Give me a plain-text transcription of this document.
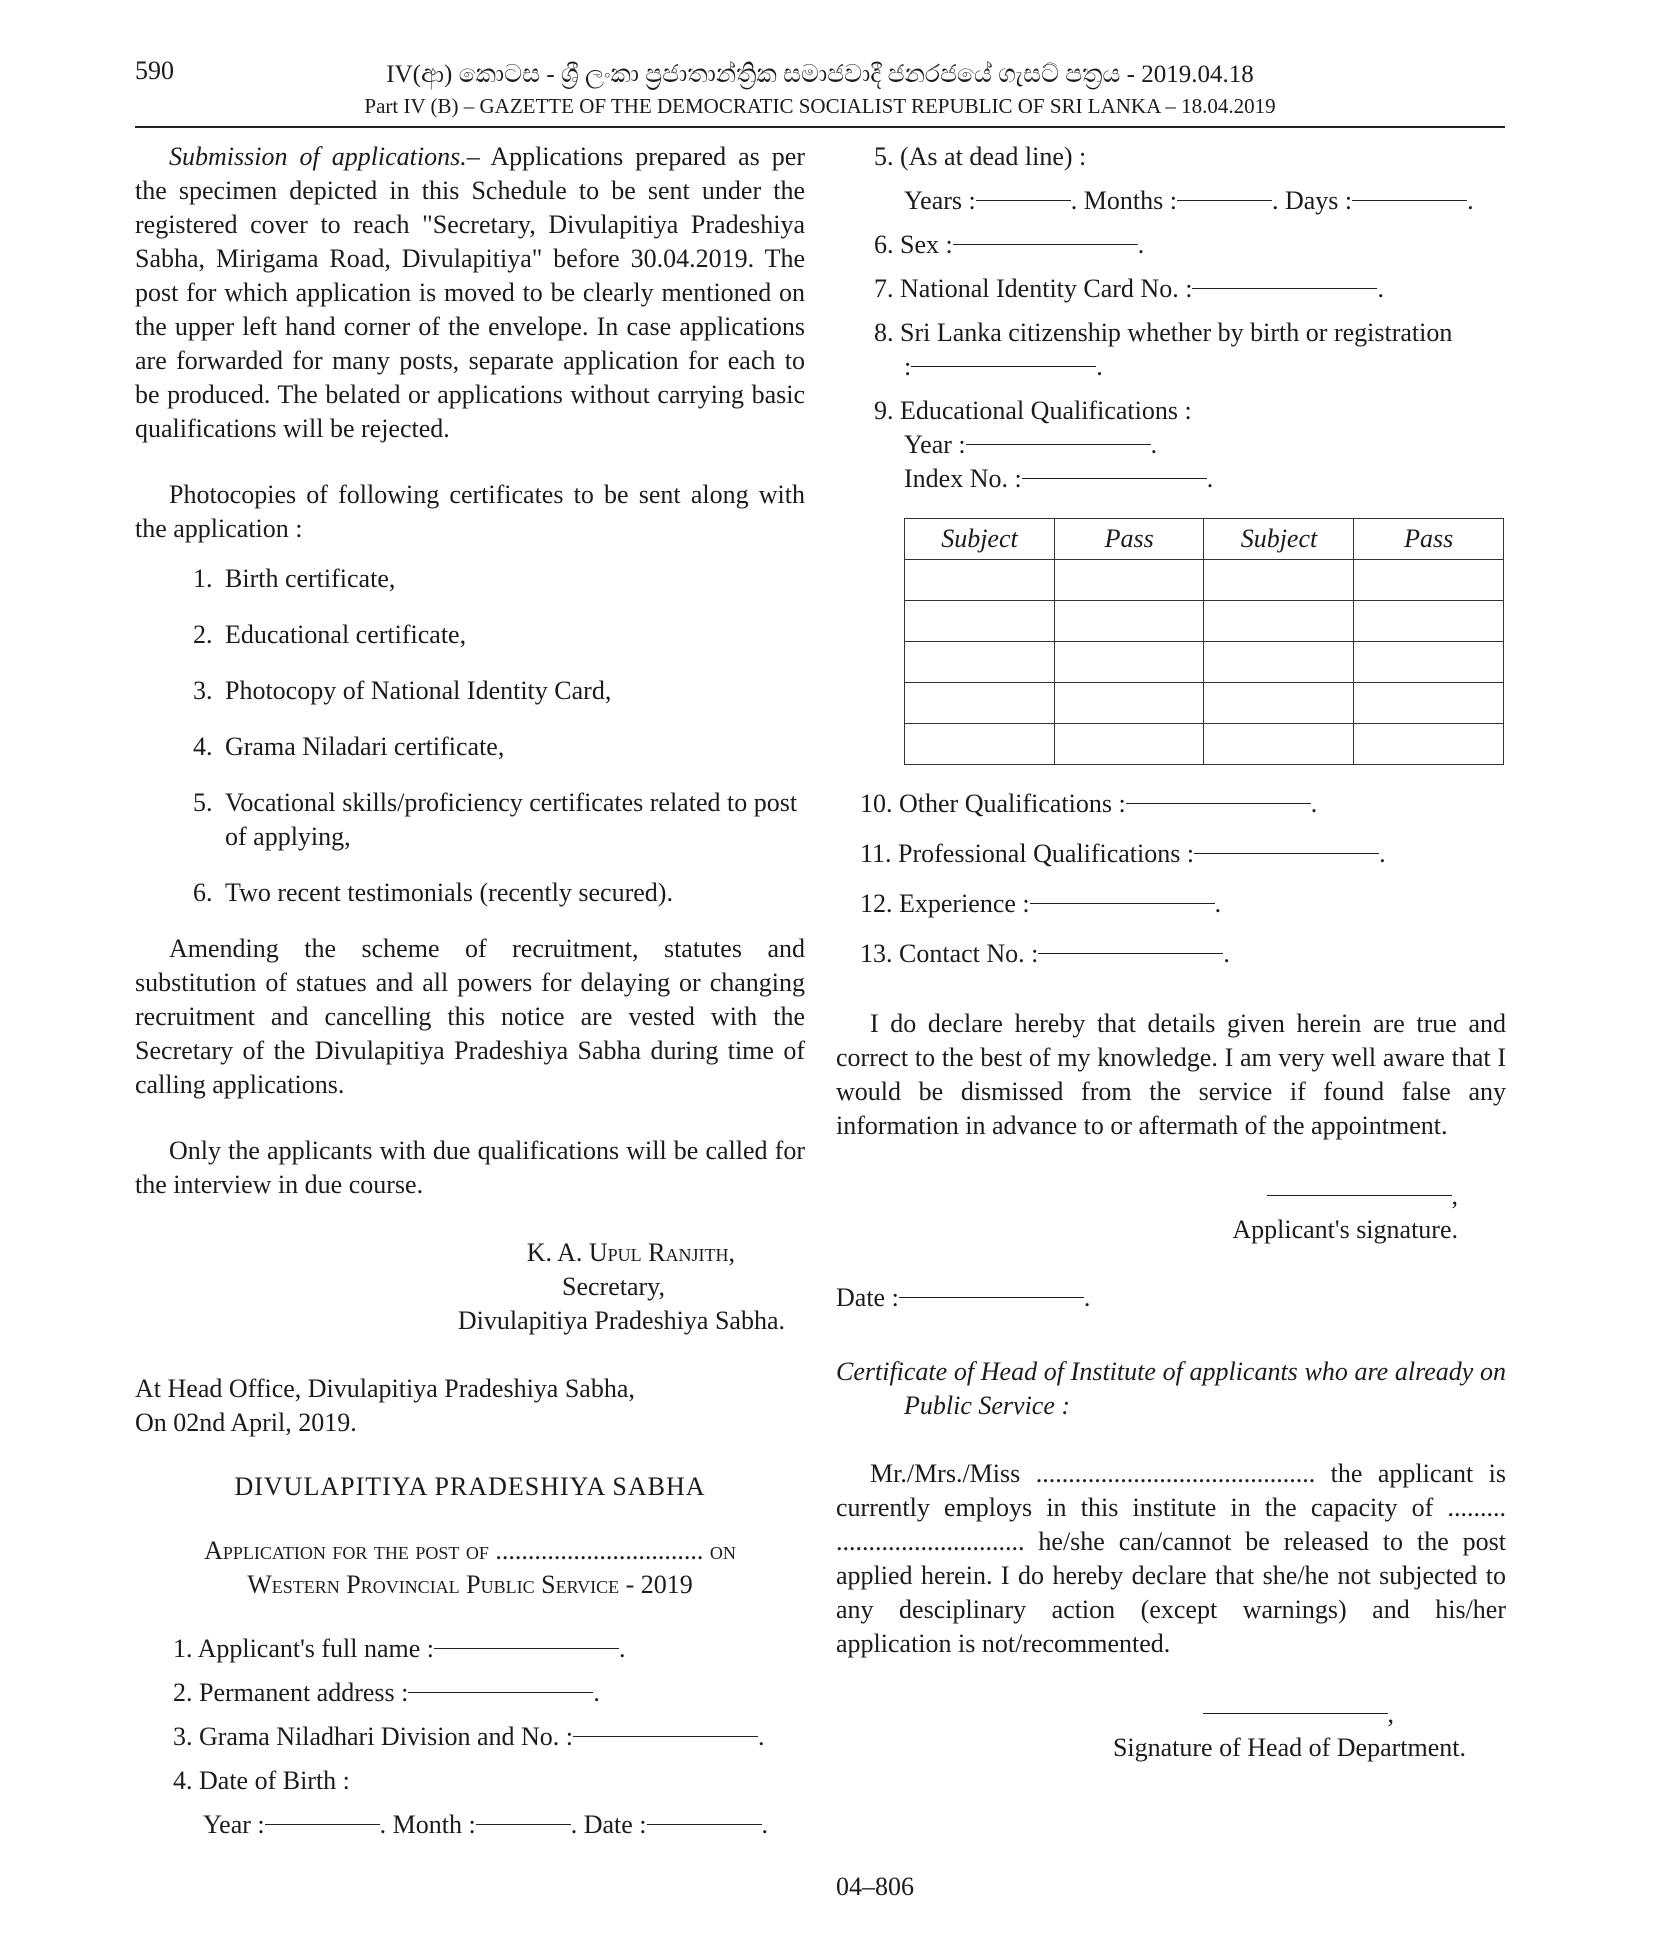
590	IV(ආ) කොටස - ශ්‍රී ලංකා ප්‍රජාතාන්ත්‍රික සමාජවාදී ජනරජයේ ගැසට් පත්‍රය - 2019.04.18
Part IV (B) – GAZETTE OF THE DEMOCRATIC SOCIALIST REPUBLIC OF SRI LANKA – 18.04.2019

Submission of applications.– Applications prepared as per the specimen depicted in this Schedule to be sent under the registered cover to reach "Secretary, Divulapitiya Pradeshiya Sabha, Mirigama Road, Divulapitiya" before 30.04.2019. The post for which application is moved to be clearly mentioned on the upper left hand corner of the envelope. In case applications are forwarded for many posts, separate application for each to be produced. The belated or applications without carrying basic qualifications will be rejected.

Photocopies of following certificates to be sent along with the application :

1. Birth certificate,
2. Educational certificate,
3. Photocopy of National Identity Card,
4. Grama Niladari certificate,
5. Vocational skills/proficiency certificates related to post of applying,
6. Two recent testimonials (recently secured).

Amending the scheme of recruitment, statutes and substitution of statues and all powers for delaying or changing recruitment and cancelling this notice are vested with the Secretary of the Divulapitiya Pradeshiya Sabha during time of calling applications.

Only the applicants with due qualifications will be called for the interview in due course.

K. A. Upul Ranjith,

Secretary,

Divulapitiya Pradeshiya Sabha.

At Head Office, Divulapitiya Pradeshiya Sabha,

On 02nd April, 2019.

DIVULAPITIYA PRADESHIYA SABHA

Application for the post of ................................ on

Western Provincial Public Service - 2019

1. Applicant's full name :	.

2. Permanent address :	.

3. Grama Niladhari Division and No. :	.

4. Date of Birth :

Year :	. Month :	. Date :	.

5. (As at dead line) :

Years :	. Months :	. Days :	.

6. Sex :	.

7. National Identity Card No. :	.

8. Sri Lanka citizenship whether by birth or registration

:	.

9. Educational Qualifications :

Year :	.

Index No. :	.

Subject	Pass	Subject	Pass

10. Other Qualifications :	.

11. Professional Qualifications :	.

12. Experience :	.

13. Contact No. :	.

I do declare hereby that details given herein are true and correct to the best of my knowledge. I am very well aware that I would be dismissed from the service if found false any information in advance to or aftermath of the appointment.

,

Applicant's signature.

Date :	.

Certificate of Head of Institute of applicants who are already on Public Service :

Mr./Mrs./Miss ........................................... the applicant is currently employs in this institute in the capacity of ......... ............................. he/she can/cannot be released to the post applied herein. I do hereby declare that she/he not subjected to any desciplinary action (except warnings) and his/her application is not/recommented.

,

Signature of Head of Department.

04–806
